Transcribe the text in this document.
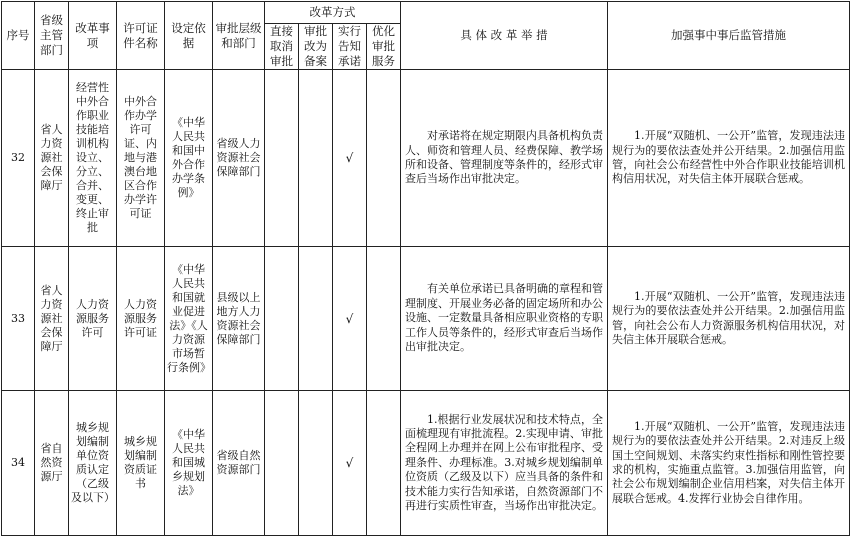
序号	省级主管部门	改革事项	许可证件名称	设定依据	审批层级和部门	改革方式				具 体 改 革 举 措	加强事中事后监管措施
						直接取消审批	审批改为备案	实行告知承诺	优化审批服务		
32	省人力资源社会保障厅	经营性中外合作职业技能培训机构设立、分立、合并、变更、终止审批	中外合作办学许可证、内地与港澳台地区合作办学许可证	《中华人民共和国中外合作办学条例》	省级人力资源社会保障部门			√		对承诺将在规定期限内具备机构负责人、师资和管理人员、经费保障、教学场所和设备、管理制度等条件的，经形式审查后当场作出审批决定。	1.开展“双随机、一公开”监管，发现违法违规行为的要依法查处并公开结果。2.加强信用监管，向社会公布经营性中外合作职业技能培训机构信用状况，对失信主体开展联合惩戒。
33	省人力资源社会保障厅	人力资源服务许可	人力资源服务许可证	《中华人民共和国就业促进法》《人力资源市场暂行条例》	县级以上地方人力资源社会保障部门			√		有关单位承诺已具备明确的章程和管理制度、开展业务必备的固定场所和办公设施、一定数量具备相应职业资格的专职工作人员等条件的，经形式审查后当场作出审批决定。	1.开展“双随机、一公开”监管，发现违法违规行为的要依法查处并公开结果。2.加强信用监管，向社会公布人力资源服务机构信用状况，对失信主体开展联合惩戒。
34	省自然资源厅	城乡规划编制单位资质认定（乙级及以下）	城乡规划编制资质证书	《中华人民共和国城乡规划法》	省级自然资源部门			√		1.根据行业发展状况和技术特点，全面梳理现有审批流程。2.实现申请、审批全程网上办理并在网上公布审批程序、受理条件、办理标准。3.对城乡规划编制单位资质（乙级及以下）应当具备的条件和技术能力实行告知承诺，自然资源部门不再进行实质性审查，当场作出审批决定。	1.开展“双随机、一公开”监管，发现违法违规行为的要依法查处并公开结果。2.对违反上级国土空间规划、未落实约束性指标和刚性管控要求的机构，实施重点监管。3.加强信用监管，向社会公布规划编制企业信用档案，对失信主体开展联合惩戒。4.发挥行业协会自律作用。
